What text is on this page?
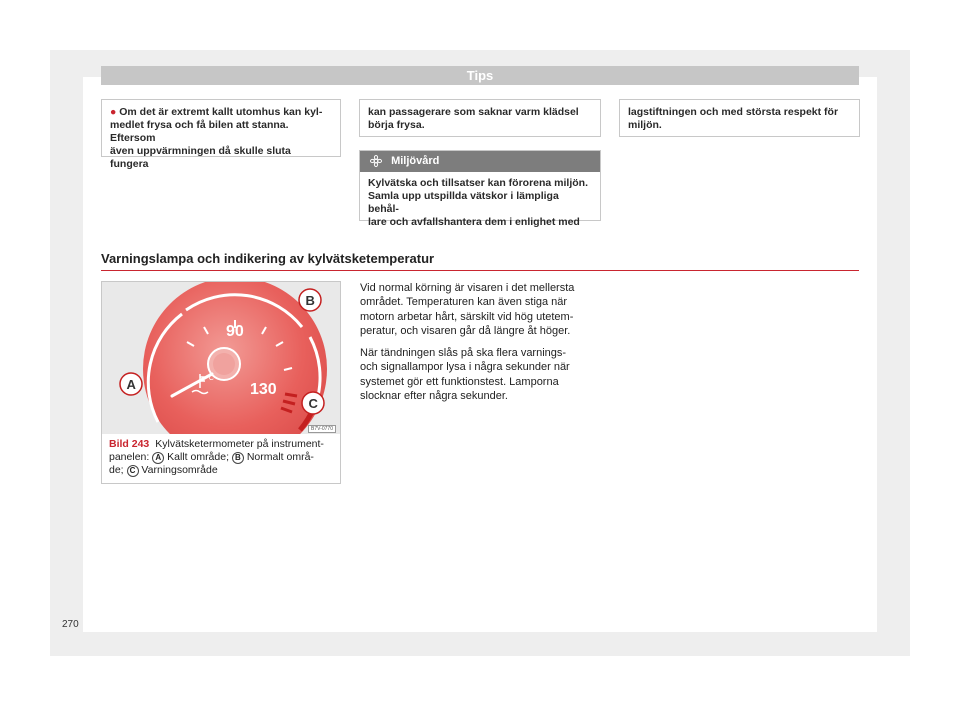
Tips
● Om det är extremt kallt utomhus kan kyl-
medlet frysa och få bilen att stanna. Eftersom
även uppvärmningen då skulle sluta fungera
kan passagerare som saknar varm klädsel
börja frysa.
lagstiftningen och med största respekt för
miljön.
Miljövård
Kylvätska och tillsatser kan förorena miljön.
Samla upp utspillda vätskor i lämpliga behål-
lare och avfallshantera dem i enlighet med
Varningslampa och indikering av kylvätsketemperatur
90
130
°C
B
A
C
B7V-0770
Bild 243 Kylvätsketermometer på instrument-
panelen: A Kallt område; B Normalt områ-
de; C Varningsområde

Vid normal körning är visaren i det mellersta
området. Temperaturen kan även stiga när
motorn arbetar hårt, särskilt vid hög utetem-
peratur, och visaren går då längre åt höger.

När tändningen slås på ska flera varnings-
och signallampor lysa i några sekunder när
systemet gör ett funktionstest. Lamporna
slocknar efter några sekunder.

270
